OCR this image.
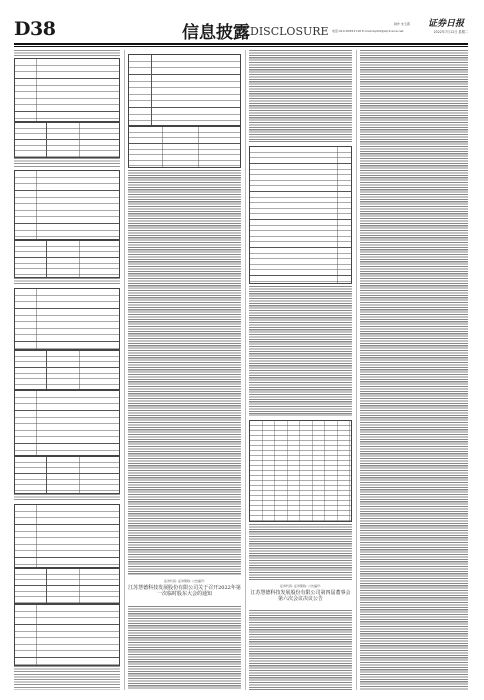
D38	信息披露 DISCLOSURE
制作 朱玉霞
电话:010-83251716 E-mail:zqrb9@zqrb.sina.net	2022年7月12日 星期二
证券日报
证券代码: 证券简称: 公告编号:
江苏慧德科技发展股份有限公司关于召开2022年第一次临时股东大会的通知
证券代码: 证券简称: 公告编号:
江苏慧德科技发展股份有限公司第四届董事会第六次会议决议公告
